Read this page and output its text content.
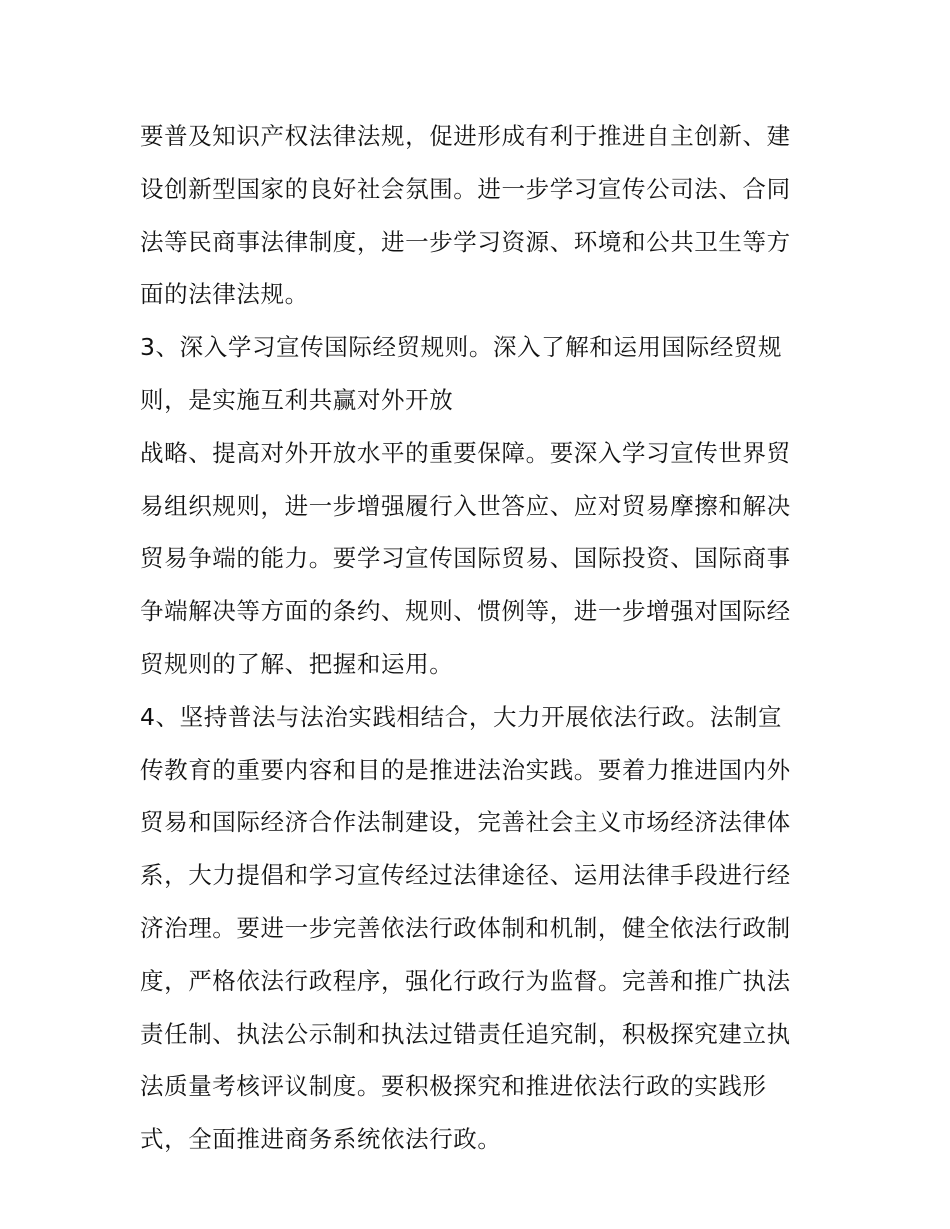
要普及知识产权法律法规，促进形成有利于推进自主创新、建
设创新型国家的良好社会氛围。进一步学习宣传公司法、合同
法等民商事法律制度，进一步学习资源、环境和公共卫生等方
面的法律法规。
3、深入学习宣传国际经贸规则。深入了解和运用国际经贸规
则，是实施互利共赢对外开放
战略、提高对外开放水平的重要保障。要深入学习宣传世界贸
易组织规则，进一步增强履行入世答应、应对贸易摩擦和解决
贸易争端的能力。要学习宣传国际贸易、国际投资、国际商事
争端解决等方面的条约、规则、惯例等，进一步增强对国际经
贸规则的了解、把握和运用。
4、坚持普法与法治实践相结合，大力开展依法行政。法制宣
传教育的重要内容和目的是推进法治实践。要着力推进国内外
贸易和国际经济合作法制建设，完善社会主义市场经济法律体
系，大力提倡和学习宣传经过法律途径、运用法律手段进行经
济治理。要进一步完善依法行政体制和机制，健全依法行政制
度，严格依法行政程序，强化行政行为监督。完善和推广执法
责任制、执法公示制和执法过错责任追究制，积极探究建立执
法质量考核评议制度。要积极探究和推进依法行政的实践形
式，全面推进商务系统依法行政。
